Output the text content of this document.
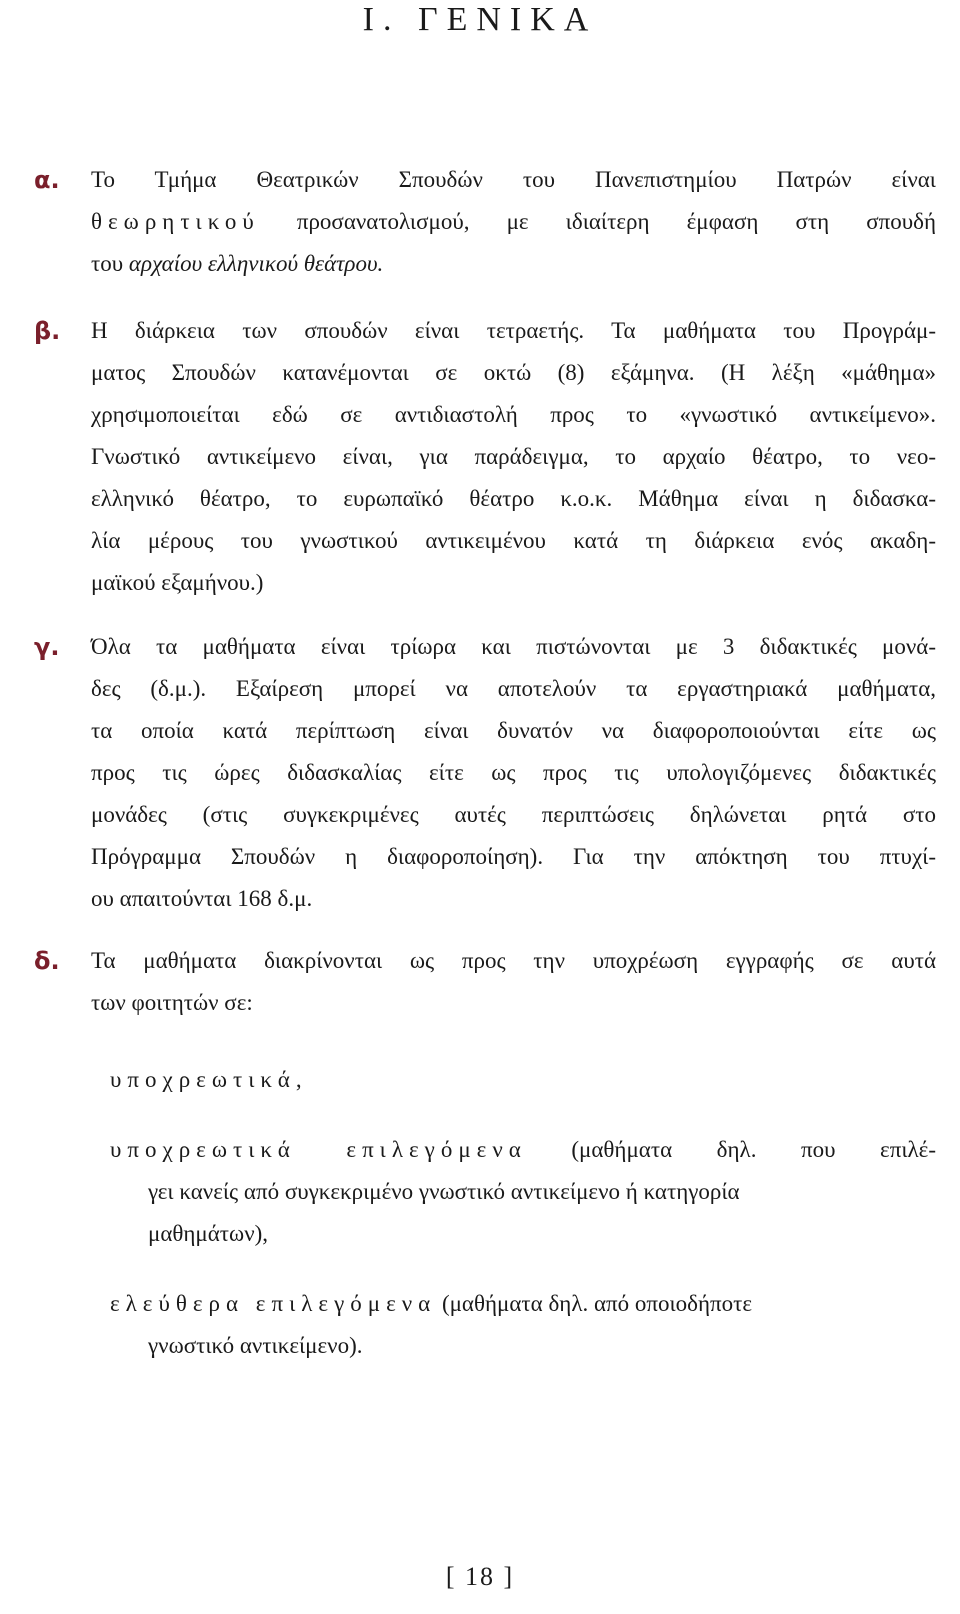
Ι. ΓΕΝΙΚΑ
α. Το Τμήμα Θεατρικών Σπουδών του Πανεπιστημίου Πατρών είναι
θεωρητικού προσανατολισμού, με ιδιαίτερη έμφαση στη σπουδή
του αρχαίου ελληνικού θεάτρου.
β. Η διάρκεια των σπουδών είναι τετραετής. Τα μαθήματα του Προγράμ-
ματος Σπουδών κατανέμονται σε οκτώ (8) εξάμηνα. (Η λέξη «μάθημα»
χρησιμοποιείται εδώ σε αντιδιαστολή προς το «γνωστικό αντικείμενο».
Γνωστικό αντικείμενο είναι, για παράδειγμα, το αρχαίο θέατρο, το νεο-
ελληνικό θέατρο, το ευρωπαϊκό θέατρο κ.ο.κ. Μάθημα είναι η διδασκα-
λία μέρους του γνωστικού αντικειμένου κατά τη διάρκεια ενός ακαδη-
μαϊκού εξαμήνου.)
γ. Όλα τα μαθήματα είναι τρίωρα και πιστώνονται με 3 διδακτικές μονά-
δες (δ.μ.). Εξαίρεση μπορεί να αποτελούν τα εργαστηριακά μαθήματα,
τα οποία κατά περίπτωση είναι δυνατόν να διαφοροποιούνται είτε ως
προς τις ώρες διδασκαλίας είτε ως προς τις υπολογιζόμενες διδακτικές
μονάδες (στις συγκεκριμένες αυτές περιπτώσεις δηλώνεται ρητά στο
Πρόγραμμα Σπουδών η διαφοροποίηση). Για την απόκτηση του πτυχί-
ου απαιτούνται 168 δ.μ.
δ. Τα μαθήματα διακρίνονται ως προς την υποχρέωση εγγραφής σε αυτά
των φοιτητών σε:
υποχρεωτικά,
υποχρεωτικά επιλεγόμενα (μαθήματα δηλ. που επιλέ-
γει κανείς από συγκεκριμένο γνωστικό αντικείμενο ή κατηγορία
μαθημάτων),
ελεύθερα επιλεγόμενα (μαθήματα δηλ. από οποιοδήποτε
γνωστικό αντικείμενο).
[ 18 ]
